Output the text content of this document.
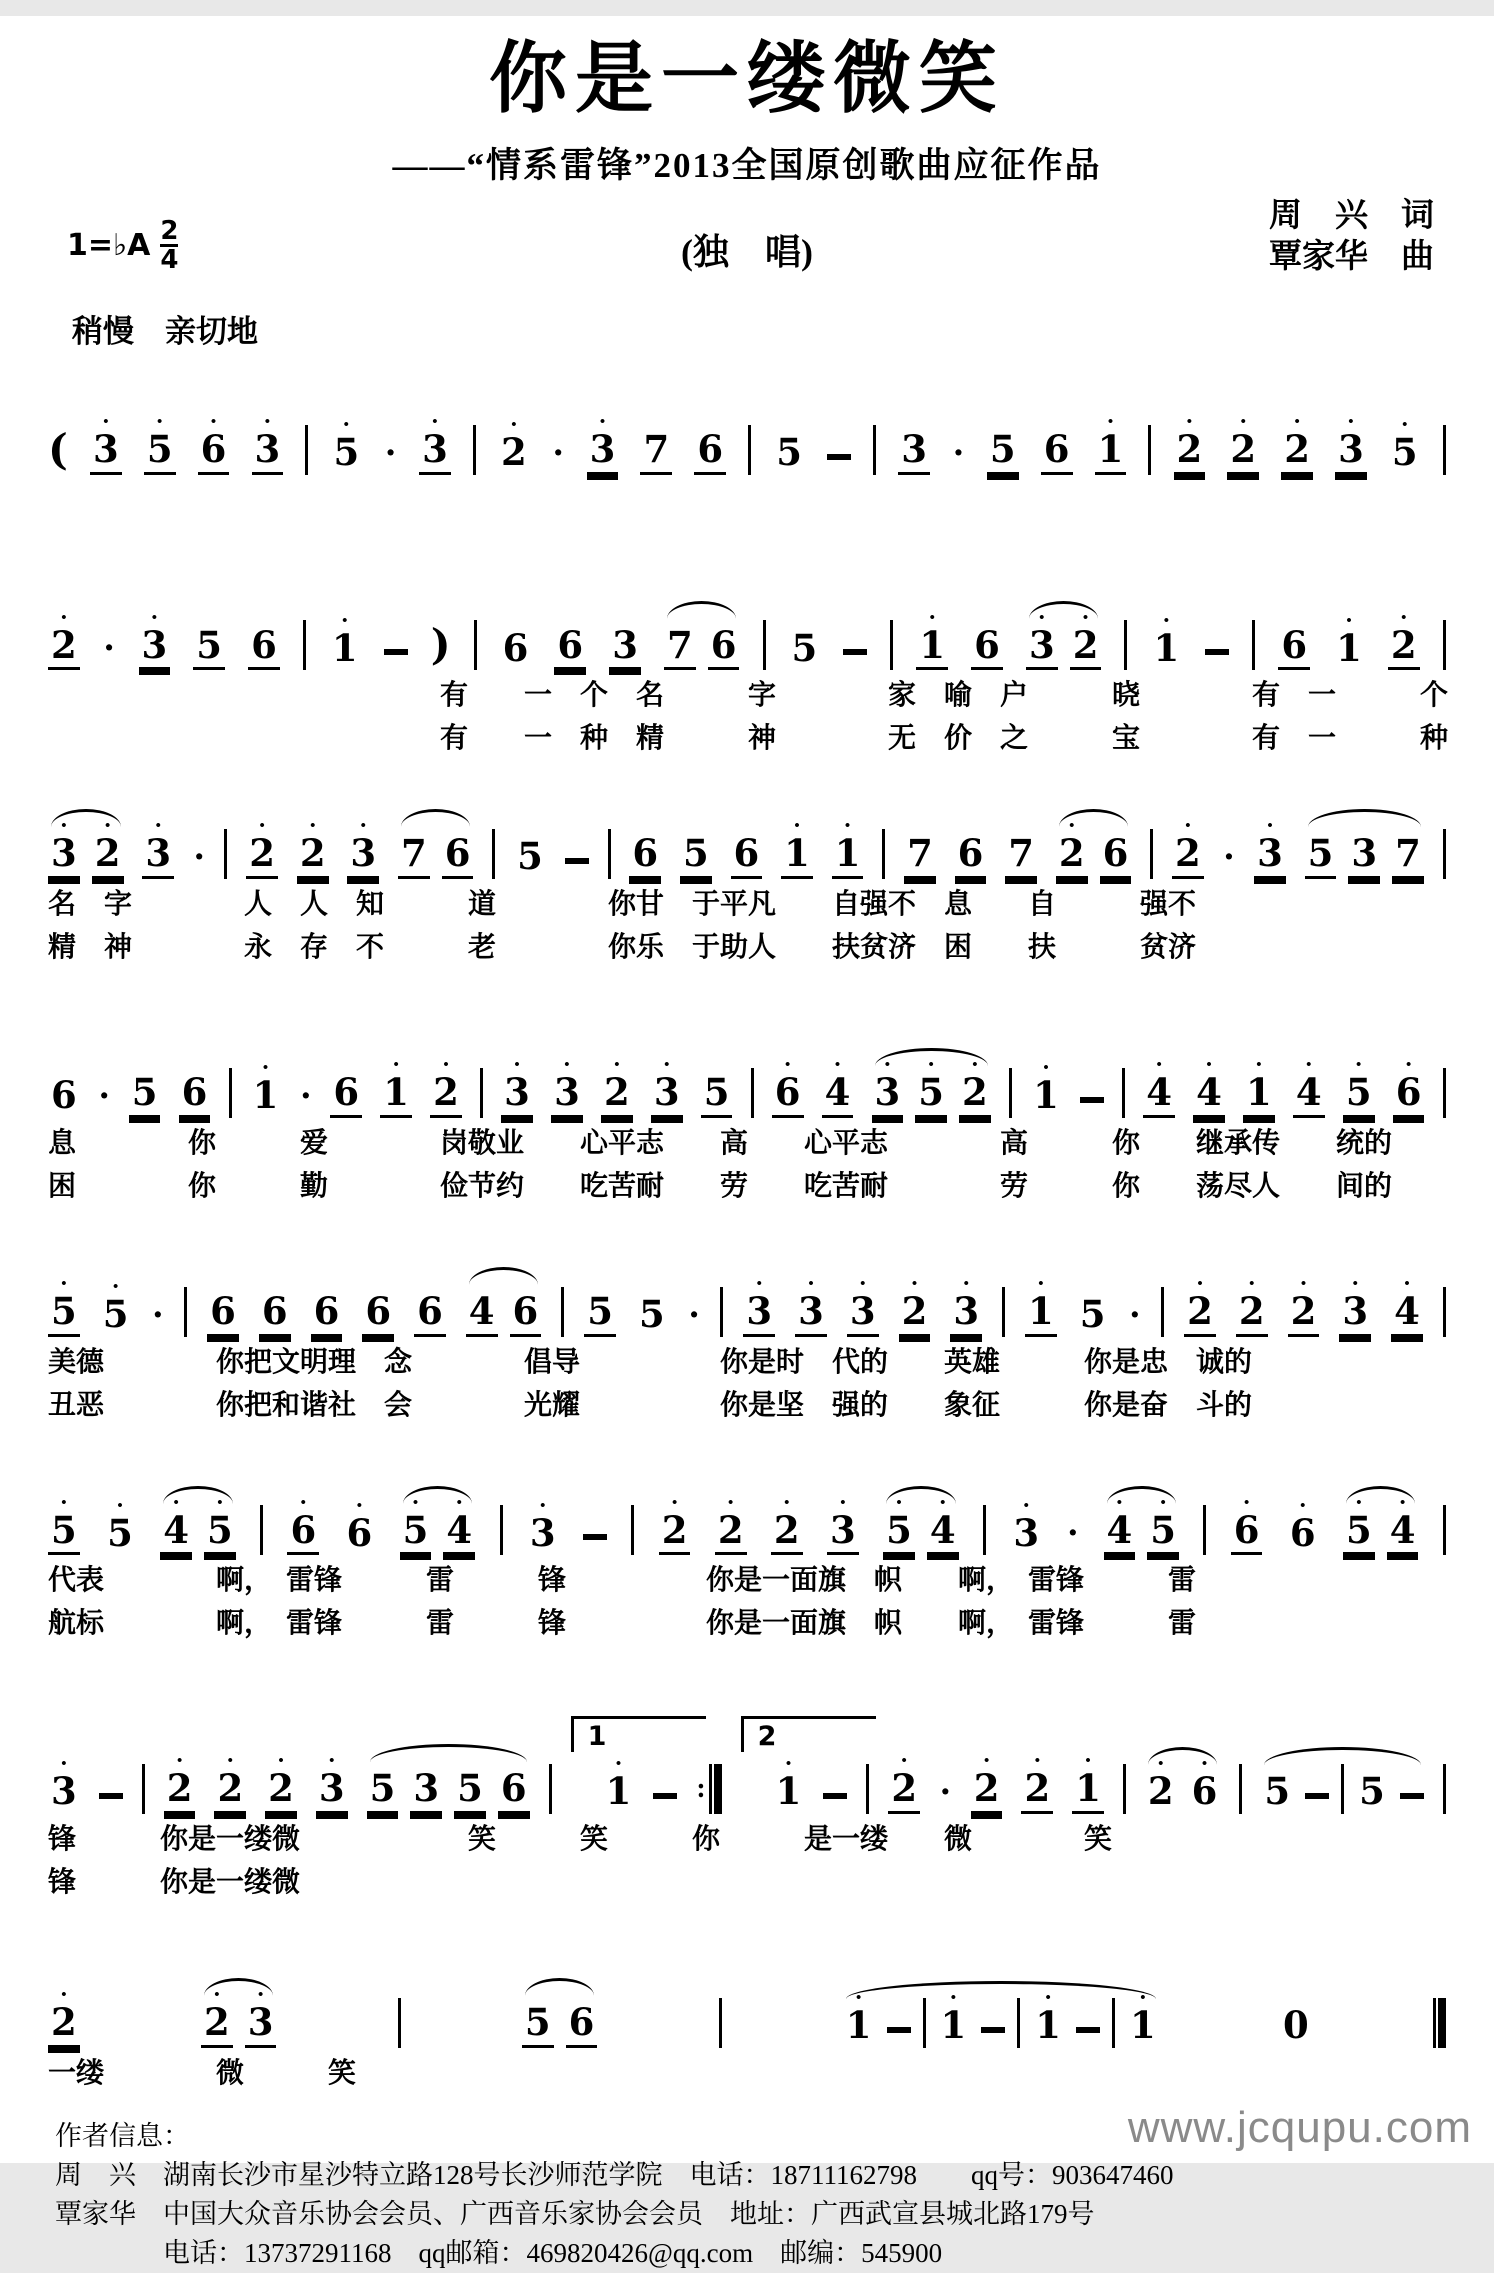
你是一缕微笑
——“情系雷锋”2013全国原创歌曲应征作品
1=♭A $\frac{2}{4}$	(独　唱)
周　兴　词
覃家华　曲
稍慢　亲切地
(
•
3
•
5
•
6
•
3
•
5 ·
•
3
•
2 ·
•
3
7
6
5
	3 ·
5
6
•
1
•
2
•
2
•
2
•
3
•
5
•
2 ·
•
3
5
6
•
1 )
6
6
3
7
6
5
•
1
6
•
3
•
2
•
1
	6
•
1
•
2
　　　　　　　　　　　　　　有　　一　个　名　　　字　　　　家　喻　户　　　晓　　　　有　一　　　个
　　　　　　　　　　　　　　有　　一　种　精　　　神　　　　无　价　之　　　宝　　　　有　一　　　种
•
3
•
2
•
3 ·
•
2
•
2
•
3
7
6
5
6
5
6
•
1
•
1
7
6
7
•
2
6
•
2 ·
•
3
5
3
7
名　字　　　　人　人　知　　　道　　　　你甘　于平凡　　自强不　息　　自　　　强不
精　神　　　　永　存　不　　　老　　　　你乐　于助人　　扶贫济　困　　扶　　　贫济

6 ·
5
6
•
1 ·
6
•
1
•
2
•
3
•
3
•
2
•
3
5
•
6
•
4
•
3
•
5
•
2
•
1
•
4
•
4
•
1
•
4
•
5
•
6
息　　　　你　　　爱　　　　岗敬业　　心平志　　高　　心平志　　　　高　　　你　　继承传　　统的
困　　　　你　　　勤　　　　俭节约　　吃苦耐　　劳　　吃苦耐　　　　劳　　　你　　荡尽人　　间的
•
5
•
5 ·
6
6
6
6
6
4
6
5
5 ·
•
3
•
3
•
3
•
2
•
3
•
1
5 ·
•
2
•
2
•
2
•
3
•
4
美德　　　　你把文明理　念　　　　倡导　　　　　你是时　代的　　英雄　　　你是忠　诚的
丑恶　　　　你把和谐社　会　　　　光耀　　　　　你是坚　强的　　象征　　　你是奋　斗的
•
5
•
5
•
4
•
5
•
6
•
6
•
5
•
4
•
3
•
2
•
2
•
2
•
3
•
5
•
4
•
3 ·
•
4
•
5
•
6
•
6
•
5
•
4
代表　　　　啊，　雷锋　　　雷　　　锋　　　　　你是一面旗　帜　　啊，　雷锋　　　雷
航标　　　　啊，　雷锋　　　雷　　　锋　　　　　你是一面旗　帜　　啊，　雷锋　　　雷
•
3
•
2
•
2
•
2
•
3
5
3
5
6
1
•
1 :
2
•
1
•
2 ·
•
2
•
2
•
1
•
2
•
6
5
5
锋　　　你是一缕微　　　　　　笑　　　笑　　　你　　　是一缕　　微　　　　笑
锋　　　你是一缕微
•
2
•
2
•
3
	5
6
•
1
•
1
•
1
•
1
	0
一缕　　　　微　　　笑
作者信息：
周　兴　湖南长沙市星沙特立路128号长沙师范学院　电话：18711162798　　qq号：903647460
覃家华　中国大众音乐协会会员、广西音乐家协会会员　地址：广西武宣县城北路179号
　　　　电话：13737291168　qq邮箱：469820426@qq.com　邮编：545900
www.jcqupu.com
